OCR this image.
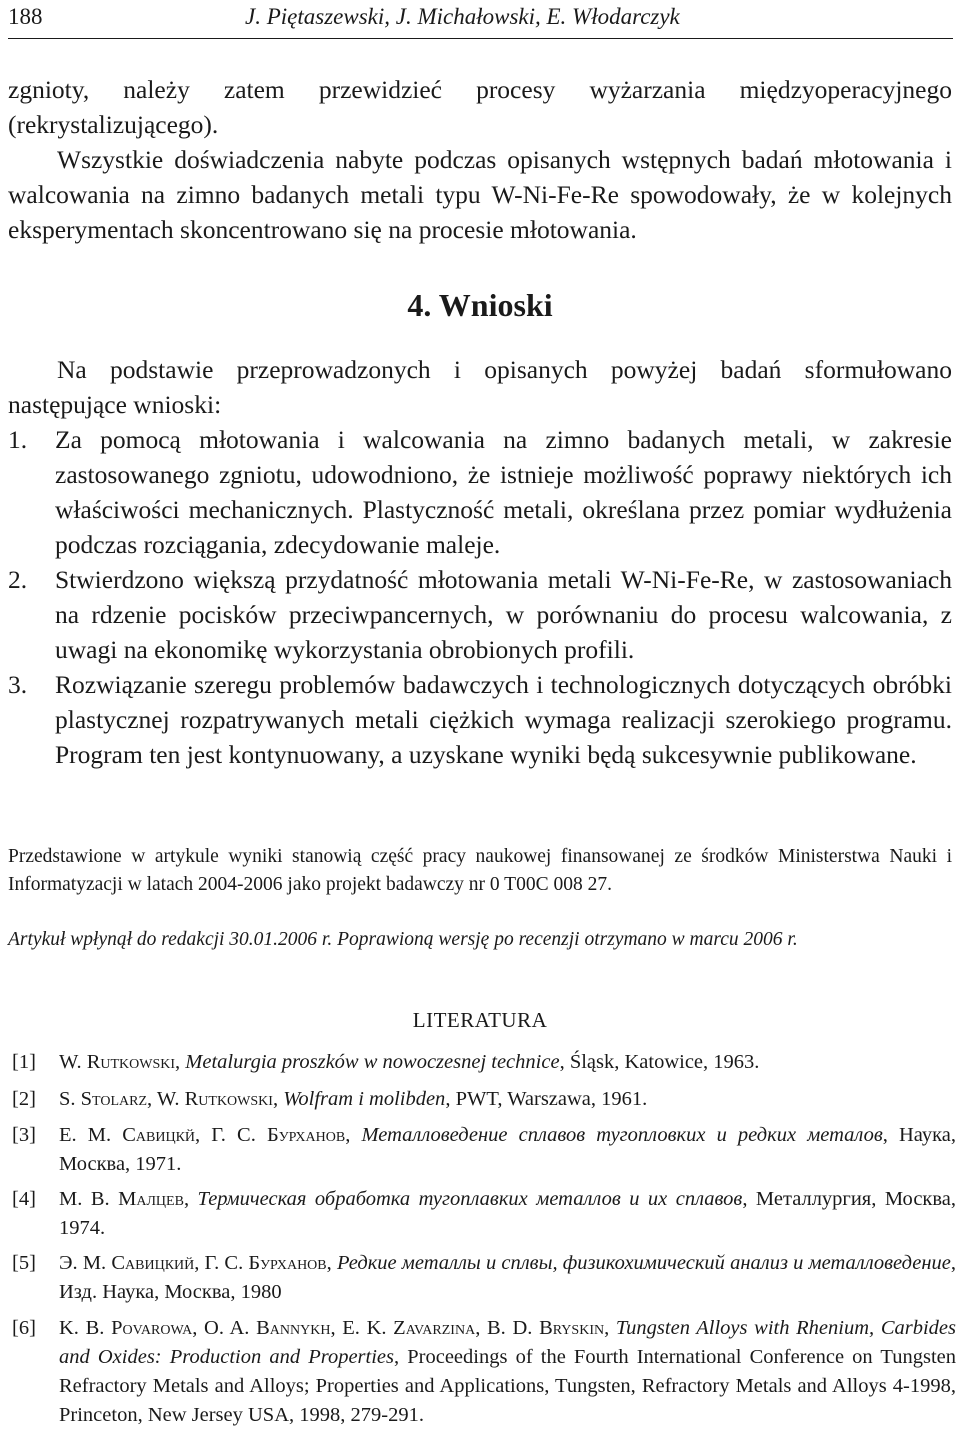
188	J. Piętaszewski, J. Michałowski, E. Włodarczyk

zgnioty, należy zatem przewidzieć procesy wyżarzania międzyoperacyjnego (rekrystalizującego).

Wszystkie doświadczenia nabyte podczas opisanych wstępnych badań młotowania i walcowania na zimno badanych metali typu W-Ni-Fe-Re spowodowały, że w kolejnych eksperymentach skoncentrowano się na procesie młotowania.

4. Wnioski

Na podstawie przeprowadzonych i opisanych powyżej badań sformułowano następujące wnioski:

1. Za pomocą młotowania i walcowania na zimno badanych metali, w zakresie zastosowanego zgniotu, udowodniono, że istnieje możliwość poprawy niektórych ich właściwości mechanicznych. Plastyczność metali, określana przez pomiar wydłużenia podczas rozciągania, zdecydowanie maleje.
2. Stwierdzono większą przydatność młotowania metali W-Ni-Fe-Re, w zastosowaniach na rdzenie pocisków przeciwpancernych, w porównaniu do procesu walcowania, z uwagi na ekonomikę wykorzystania obrobionych profili.
3. Rozwiązanie szeregu problemów badawczych i technologicznych dotyczących obróbki plastycznej rozpatrywanych metali ciężkich wymaga realizacji szerokiego programu. Program ten jest kontynuowany, a uzyskane wyniki będą sukcesywnie publikowane.

Przedstawione w artykule wyniki stanowią część pracy naukowej finansowanej ze środków Ministerstwa Nauki i Informatyzacji w latach 2004-2006 jako projekt badawczy nr 0 T00C 008 27.

Artykuł wpłynął do redakcji 30.01.2006 r. Poprawioną wersję po recenzji otrzymano w marcu 2006 r.

LITERATURA
[1] W. Rutkowski, Metalurgia proszków w nowoczesnej technice, Śląsk, Katowice, 1963.
[2] S. Stolarz, W. Rutkowski, Wolfram i molibden, PWT, Warszawa, 1961.
[3] Е. М. Савицкй, Г. С. Бурханов, Металловедение сплавов тугопловких и редких металов, Наука, Москва, 1971.
[4] М. В. Малцев, Термическая обработка тугоплавких металлов и их сплавов, Металлургия, Москва, 1974.
[5] Э. М. Савицкий, Г. С. Бурханов, Редкие металлы и сплвы, физикохимический анализ и металловедение, Изд. Наука, Москва, 1980
[6] K. B. Povarowa, O. A. Bannykh, E. K. Zavarzina, B. D. Bryskin, Tungsten Alloys with Rhenium, Carbides and Oxides: Production and Properties, Proceedings of the Fourth International Conference on Tungsten Refractory Metals and Alloys; Properties and Applications, Tungsten, Refractory Metals and Alloys 4-1998, Princeton, New Jersey USA, 1998, 279-291.
